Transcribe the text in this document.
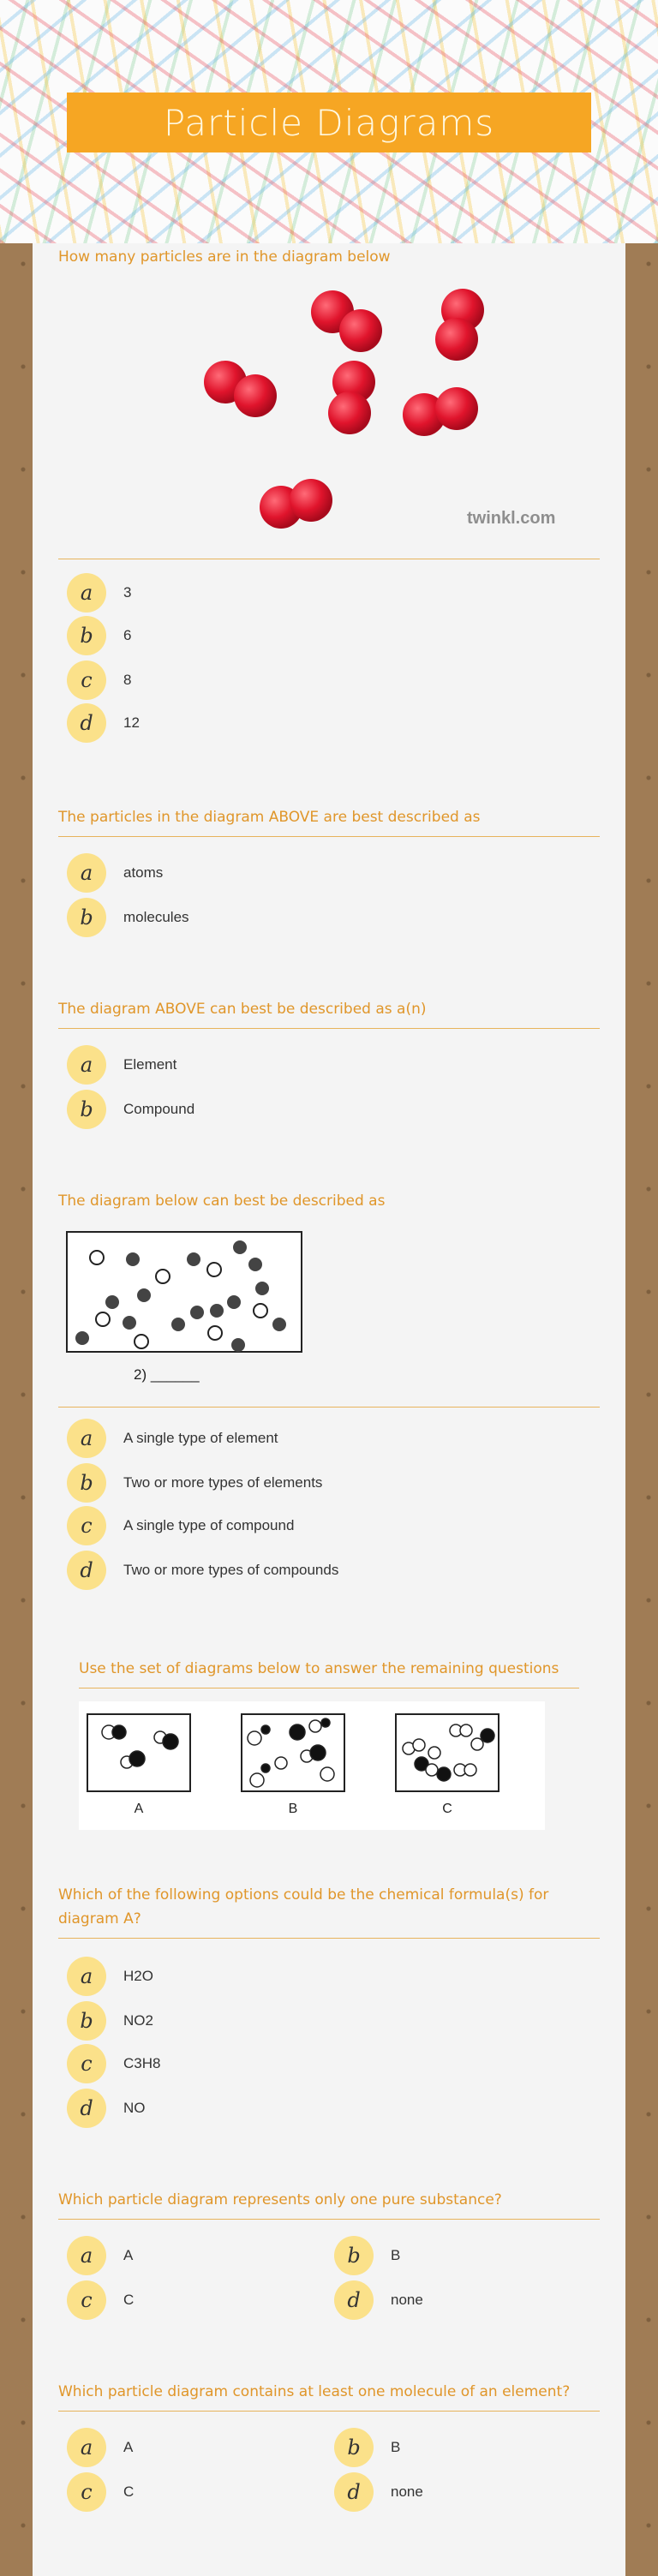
Particle Diagrams
How many particles are in the diagram below
twinkl.com
a	3
b	6
c	8
d	12
The particles in the diagram ABOVE are best described as
a	atoms
b	molecules
The diagram ABOVE can best be described as a(n)
a	Element
b	Compound
The diagram below can best be described as
2) ______
a	A single type of element
b	Two or more types of elements
c	A single type of compound
d	Two or more types of compounds
Use the set of diagrams below to answer the remaining questions
A	B	C
Which of the following options could be the chemical formula(s) for diagram A?
a	H2O
b	NO2
c	C3H8
d	NO
Which particle diagram represents only one pure substance?
a	A	b	B
c	C	d	none
Which particle diagram contains at least one molecule of an element?
a	A	b	B
c	C	d	none
